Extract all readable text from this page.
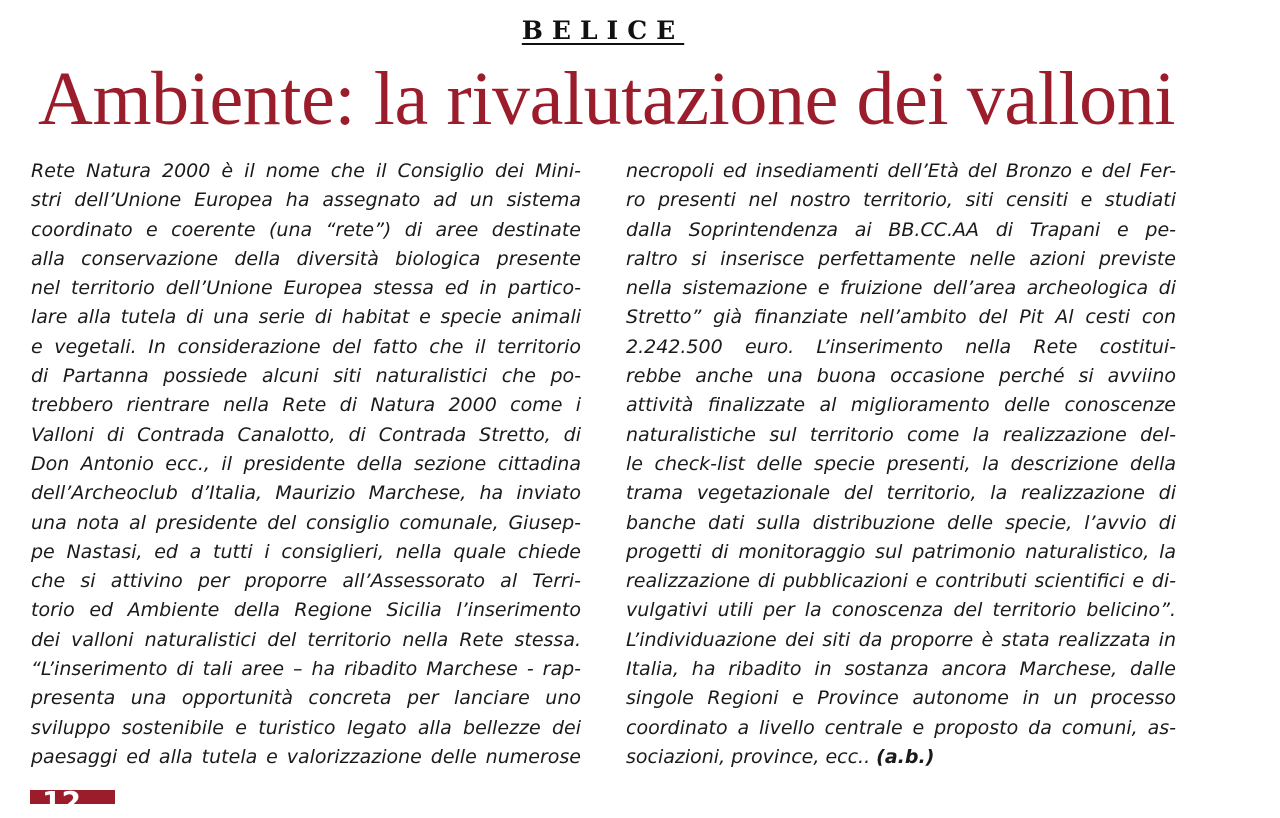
BELICE
Ambiente: la rivalutazione dei valloni
Rete Natura 2000 è il nome che il Consiglio dei Mini-
stri dell’Unione Europea ha assegnato ad un sistema
coordinato e coerente (una “rete”) di aree destinate
alla conservazione della diversità biologica presente
nel territorio dell’Unione Europea stessa ed in partico-
lare alla tutela di una serie di habitat e specie animali
e vegetali. In considerazione del fatto che il territorio
di Partanna possiede alcuni siti naturalistici che po-
trebbero rientrare nella Rete di Natura 2000 come i
Valloni di Contrada Canalotto, di Contrada Stretto, di
Don Antonio ecc., il presidente della sezione cittadina
dell’Archeoclub d’Italia, Maurizio Marchese, ha inviato
una nota al presidente del consiglio comunale, Giusep-
pe Nastasi, ed a tutti i consiglieri, nella quale chiede
che si attivino per proporre all’Assessorato al Terri-
torio ed Ambiente della Regione Sicilia l’inserimento
dei valloni naturalistici del territorio nella Rete stessa.
“L’inserimento di tali aree – ha ribadito Marchese - rap-
presenta una opportunità concreta per lanciare uno
sviluppo sostenibile e turistico legato alla bellezze dei
paesaggi ed alla tutela e valorizzazione delle numerose
necropoli ed insediamenti dell’Età del Bronzo e del Fer-
ro presenti nel nostro territorio, siti censiti e studiati
dalla Soprintendenza ai BB.CC.AA di Trapani e pe-
raltro si inserisce perfettamente nelle azioni previste
nella sistemazione e fruizione dell’area archeologica di
Stretto” già finanziate nell’ambito del Pit Al cesti con
2.242.500 euro. L’inserimento nella Rete costitui-
rebbe anche una buona occasione perché si avviino
attività finalizzate al miglioramento delle conoscenze
naturalistiche sul territorio come la realizzazione del-
le check-list delle specie presenti, la descrizione della
trama vegetazionale del territorio, la realizzazione di
banche dati sulla distribuzione delle specie, l’avvio di
progetti di monitoraggio sul patrimonio naturalistico, la
realizzazione di pubblicazioni e contributi scientifici e di-
vulgativi utili per la conoscenza del territorio belicino”.
L’individuazione dei siti da proporre è stata realizzata in
Italia, ha ribadito in sostanza ancora Marchese, dalle
singole Regioni e Province autonome in un processo
coordinato a livello centrale e proposto da comuni, as-
sociazioni, province, ecc.. (a.b.)
12
